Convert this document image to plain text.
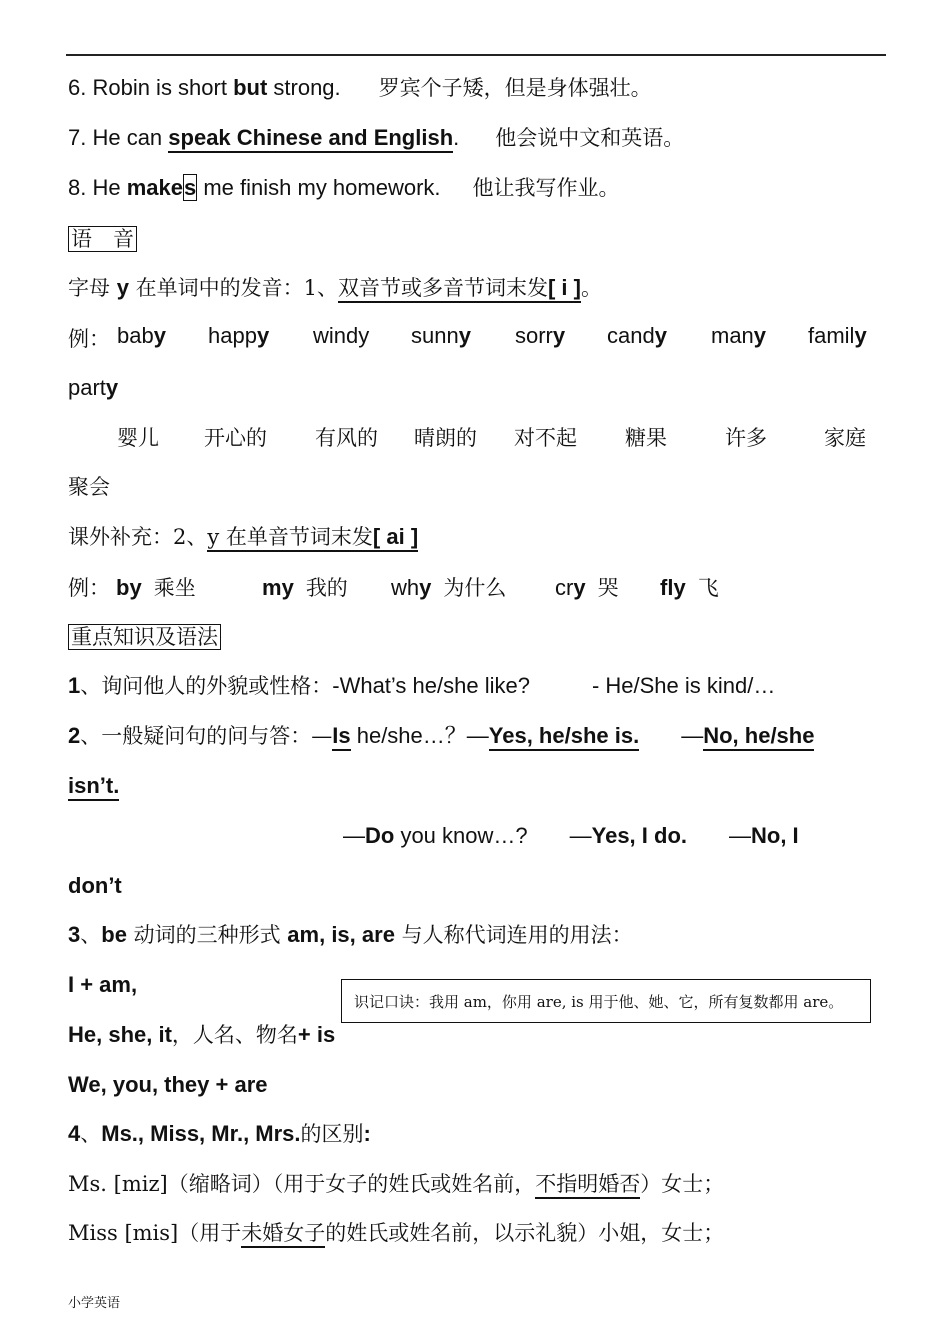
6. Robin is short but strong. 罗宾个子矮，但是身体强壮。
7. He can speak Chinese and English. 他会说中文和英语。
8. He makes me finish my homework. 他让我写作业。
语　音
字母 y 在单词中的发音：1、双音节或多音节词末发[ i ]。
例： baby happy windy sunny sorry candy many family
party
婴儿 开心的 有风的 晴朗的 对不起 糖果	许多	家庭
聚会
课外补充：2、y 在单音节词末发[ ai ]
例： by 乘坐	my 我的 why 为什么 cry 哭 fly 飞
重点知识及语法
1、询问他人的外貌或性格：-What’s he/she like?	- He/She is kind/…
2、一般疑问句的问与答：—Is he/she…？—Yes, he/she is. —No, he/she
isn’t.
—Do you know…? —Yes, I do. —No, I
don’t
3、be 动词的三种形式 am, is, are 与人称代词连用的用法：
I + am,
He, she, it，人名、物名+ is
We, you, they + are
识记口诀：我用 am，你用 are, is 用于他、她、它，所有复数都用 are。
4、Ms., Miss, Mr., Mrs.的区别:
Ms. [miz]（缩略词）（用于女子的姓氏或姓名前，不指明婚否）女士；
Miss [mis]（用于未婚女子的姓氏或姓名前，以示礼貌）小姐，女士；
小学英语
